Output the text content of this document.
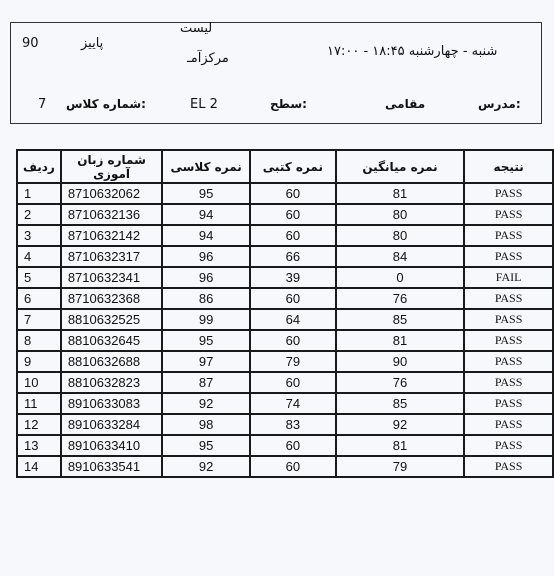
لیست
مرکزآمـ	شنبه - چهارشنبه ۱۸:۴۵ - ۱۷:۰۰
90	پاییز
مدرس:
مقامی
سطح:
EL 2
شماره کلاس:
7
ردیف	شماره زبان آموزی	نمره کلاسی	نمره کتبی	نمره میانگین	نتیجه
1	8710632062	95	60	81	PASS
2	8710632136	94	60	80	PASS
3	8710632142	94	60	80	PASS
4	8710632317	96	66	84	PASS
5	8710632341	96	39	0	FAIL
6	8710632368	86	60	76	PASS
7	8810632525	99	64	85	PASS
8	8810632645	95	60	81	PASS
9	8810632688	97	79	90	PASS
10	8810632823	87	60	76	PASS
11	8910633083	92	74	85	PASS
12	8910633284	98	83	92	PASS
13	8910633410	95	60	81	PASS
14	8910633541	92	60	79	PASS
